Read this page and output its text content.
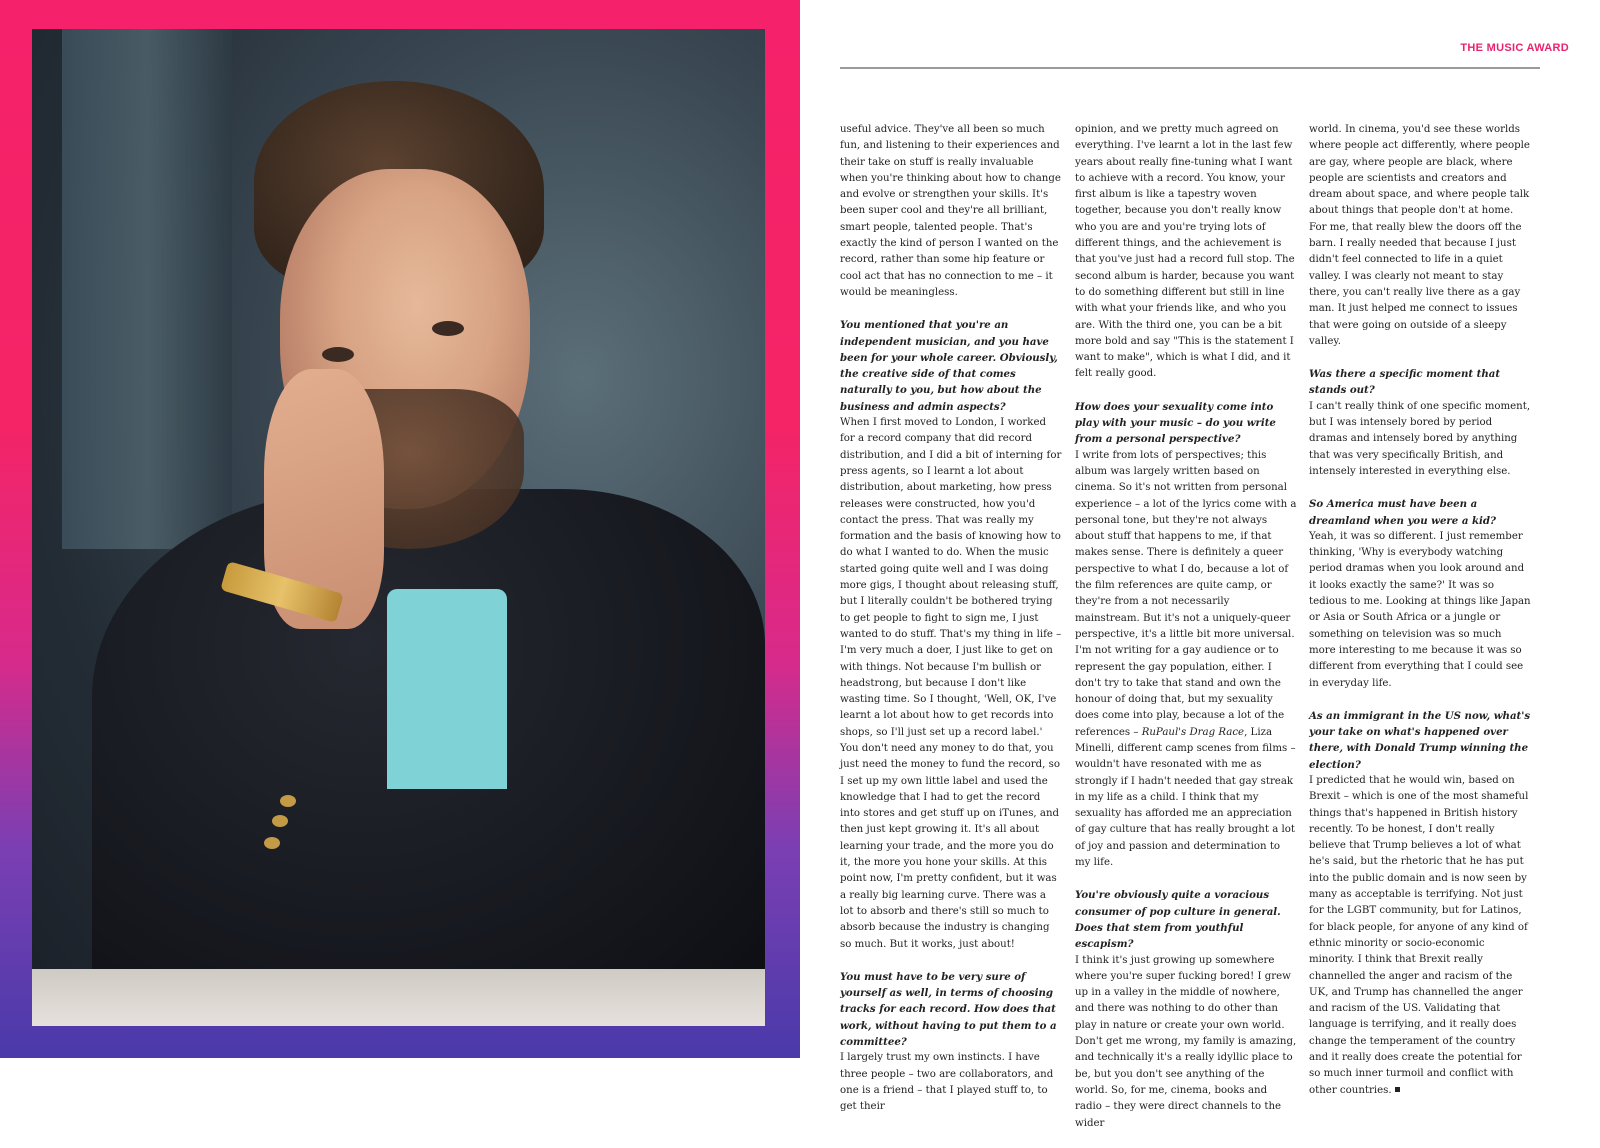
THE MUSIC AWARD

useful advice. They've all been so much fun, and listening to their experiences and their take on stuff is really invaluable when you're thinking about how to change and evolve or strengthen your skills. It's been super cool and they're all brilliant, smart people, talented people. That's exactly the kind of person I wanted on the record, rather than some hip feature or cool act that has no connection to me – it would be meaningless.

You mentioned that you're an independent musician, and you have been for your whole career. Obviously, the creative side of that comes naturally to you, but how about the business and admin aspects?

When I first moved to London, I worked for a record company that did record distribution, and I did a bit of interning for press agents, so I learnt a lot about distribution, about marketing, how press releases were constructed, how you'd contact the press. That was really my formation and the basis of knowing how to do what I wanted to do. When the music started going quite well and I was doing more gigs, I thought about releasing stuff, but I literally couldn't be bothered trying to get people to fight to sign me, I just wanted to do stuff. That's my thing in life – I'm very much a doer, I just like to get on with things. Not because I'm bullish or headstrong, but because I don't like wasting time. So I thought, 'Well, OK, I've learnt a lot about how to get records into shops, so I'll just set up a record label.' You don't need any money to do that, you just need the money to fund the record, so I set up my own little label and used the knowledge that I had to get the record into stores and get stuff up on iTunes, and then just kept growing it. It's all about learning your trade, and the more you do it, the more you hone your skills. At this point now, I'm pretty confident, but it was a really big learning curve. There was a lot to absorb and there's still so much to absorb because the industry is changing so much. But it works, just about!

You must have to be very sure of yourself as well, in terms of choosing tracks for each record. How does that work, without having to put them to a committee?

I largely trust my own instincts. I have three people – two are collaborators, and one is a friend – that I played stuff to, to get their

opinion, and we pretty much agreed on everything. I've learnt a lot in the last few years about really fine-tuning what I want to achieve with a record. You know, your first album is like a tapestry woven together, because you don't really know who you are and you're trying lots of different things, and the achievement is that you've just had a record full stop. The second album is harder, because you want to do something different but still in line with what your friends like, and who you are. With the third one, you can be a bit more bold and say "This is the statement I want to make", which is what I did, and it felt really good.

How does your sexuality come into play with your music – do you write from a personal perspective?

I write from lots of perspectives; this album was largely written based on cinema. So it's not written from personal experience – a lot of the lyrics come with a personal tone, but they're not always about stuff that happens to me, if that makes sense. There is definitely a queer perspective to what I do, because a lot of the film references are quite camp, or they're from a not necessarily mainstream. But it's not a uniquely-queer perspective, it's a little bit more universal. I'm not writing for a gay audience or to represent the gay population, either. I don't try to take that stand and own the honour of doing that, but my sexuality does come into play, because a lot of the references – RuPaul's Drag Race, Liza Minelli, different camp scenes from films – wouldn't have resonated with me as strongly if I hadn't needed that gay streak in my life as a child. I think that my sexuality has afforded me an appreciation of gay culture that has really brought a lot of joy and passion and determination to my life.

You're obviously quite a voracious consumer of pop culture in general. Does that stem from youthful escapism?

I think it's just growing up somewhere where you're super fucking bored! I grew up in a valley in the middle of nowhere, and there was nothing to do other than play in nature or create your own world. Don't get me wrong, my family is amazing, and technically it's a really idyllic place to be, but you don't see anything of the world. So, for me, cinema, books and radio – they were direct channels to the wider

world. In cinema, you'd see these worlds where people act differently, where people are gay, where people are black, where people are scientists and creators and dream about space, and where people talk about things that people don't at home. For me, that really blew the doors off the barn. I really needed that because I just didn't feel connected to life in a quiet valley. I was clearly not meant to stay there, you can't really live there as a gay man. It just helped me connect to issues that were going on outside of a sleepy valley.

Was there a specific moment that stands out?

I can't really think of one specific moment, but I was intensely bored by period dramas and intensely bored by anything that was very specifically British, and intensely interested in everything else.

So America must have been a dreamland when you were a kid?

Yeah, it was so different. I just remember thinking, 'Why is everybody watching period dramas when you look around and it looks exactly the same?' It was so tedious to me. Looking at things like Japan or Asia or South Africa or a jungle or something on television was so much more interesting to me because it was so different from everything that I could see in everyday life.

As an immigrant in the US now, what's your take on what's happened over there, with Donald Trump winning the election?

I predicted that he would win, based on Brexit – which is one of the most shameful things that's happened in British history recently. To be honest, I don't really believe that Trump believes a lot of what he's said, but the rhetoric that he has put into the public domain and is now seen by many as acceptable is terrifying. Not just for the LGBT community, but for Latinos, for black people, for anyone of any kind of ethnic minority or socio-economic minority. I think that Brexit really channelled the anger and racism of the UK, and Trump has channelled the anger and racism of the US. Validating that language is terrifying, and it really does change the temperament of the country and it really does create the potential for so much inner turmoil and conflict with other countries.
